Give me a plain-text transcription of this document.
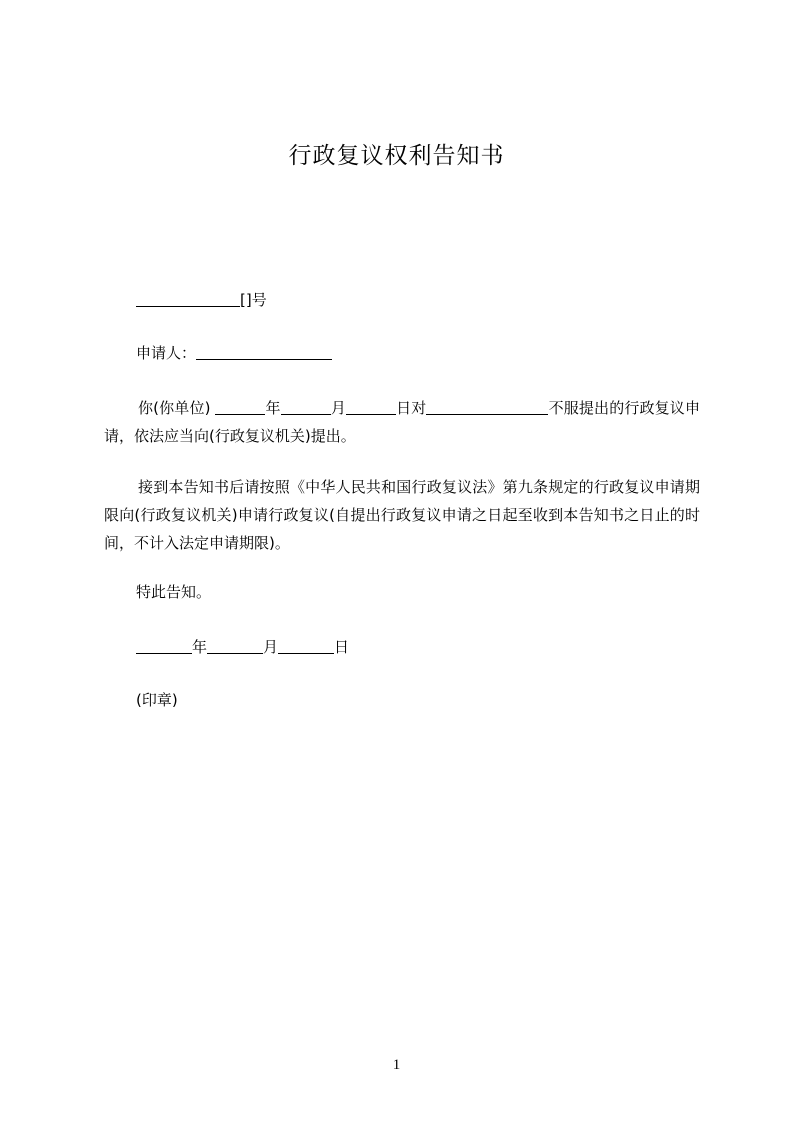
行政复议权利告知书
[]号
申请人：
你(你单位)	年	月	日对	不服提出的行政复议申请，依法应当向(行政复议机关)提出。
接到本告知书后请按照《中华人民共和国行政复议法》第九条规定的行政复议申请期限向(行政复议机关)申请行政复议(自提出行政复议申请之日起至收到本告知书之日止的时间，不计入法定申请期限)。
特此告知。
年	月	日
(印章)
1
